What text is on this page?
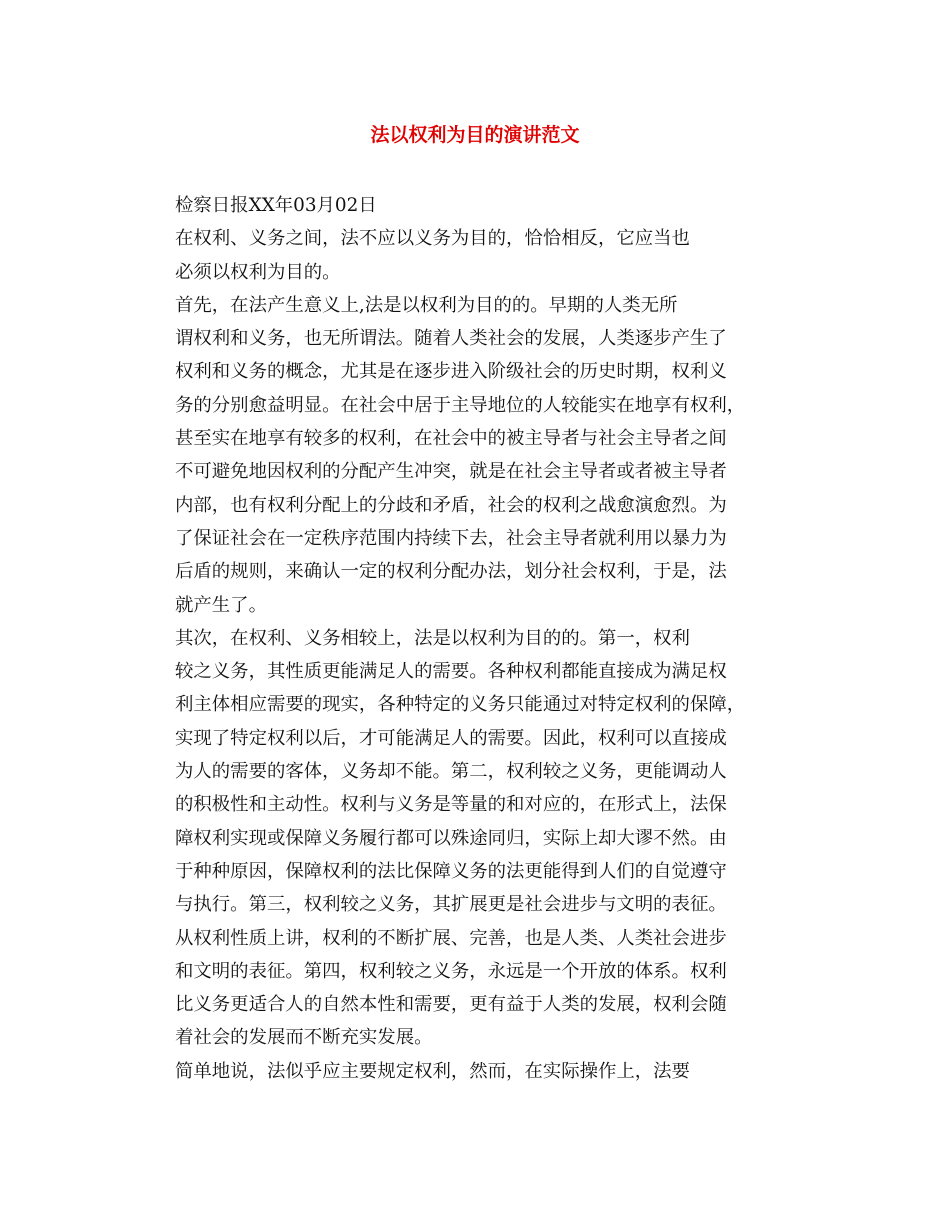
法以权利为目的演讲范文

检察日报XX年03月02日

在权利、义务之间，法不应以义务为目的，恰恰相反，它应当也

必须以权利为目的。

首先，在法产生意义上,法是以权利为目的的。早期的人类无所

谓权利和义务，也无所谓法。随着人类社会的发展，人类逐步产生了

权利和义务的概念，尤其是在逐步进入阶级社会的历史时期，权利义

务的分别愈益明显。在社会中居于主导地位的人较能实在地享有权利，

甚至实在地享有较多的权利，在社会中的被主导者与社会主导者之间

不可避免地因权利的分配产生冲突，就是在社会主导者或者被主导者

内部，也有权利分配上的分歧和矛盾，社会的权利之战愈演愈烈。为

了保证社会在一定秩序范围内持续下去，社会主导者就利用以暴力为

后盾的规则，来确认一定的权利分配办法，划分社会权利，于是，法

就产生了。

其次，在权利、义务相较上，法是以权利为目的的。第一，权利

较之义务，其性质更能满足人的需要。各种权利都能直接成为满足权

利主体相应需要的现实，各种特定的义务只能通过对特定权利的保障，

实现了特定权利以后，才可能满足人的需要。因此，权利可以直接成

为人的需要的客体，义务却不能。第二，权利较之义务，更能调动人

的积极性和主动性。权利与义务是等量的和对应的，在形式上，法保

障权利实现或保障义务履行都可以殊途同归，实际上却大谬不然。由

于种种原因，保障权利的法比保障义务的法更能得到人们的自觉遵守

与执行。第三，权利较之义务，其扩展更是社会进步与文明的表征。

从权利性质上讲，权利的不断扩展、完善，也是人类、人类社会进步

和文明的表征。第四，权利较之义务，永远是一个开放的体系。权利

比义务更适合人的自然本性和需要，更有益于人类的发展，权利会随

着社会的发展而不断充实发展。

简单地说，法似乎应主要规定权利，然而，在实际操作上，法要
